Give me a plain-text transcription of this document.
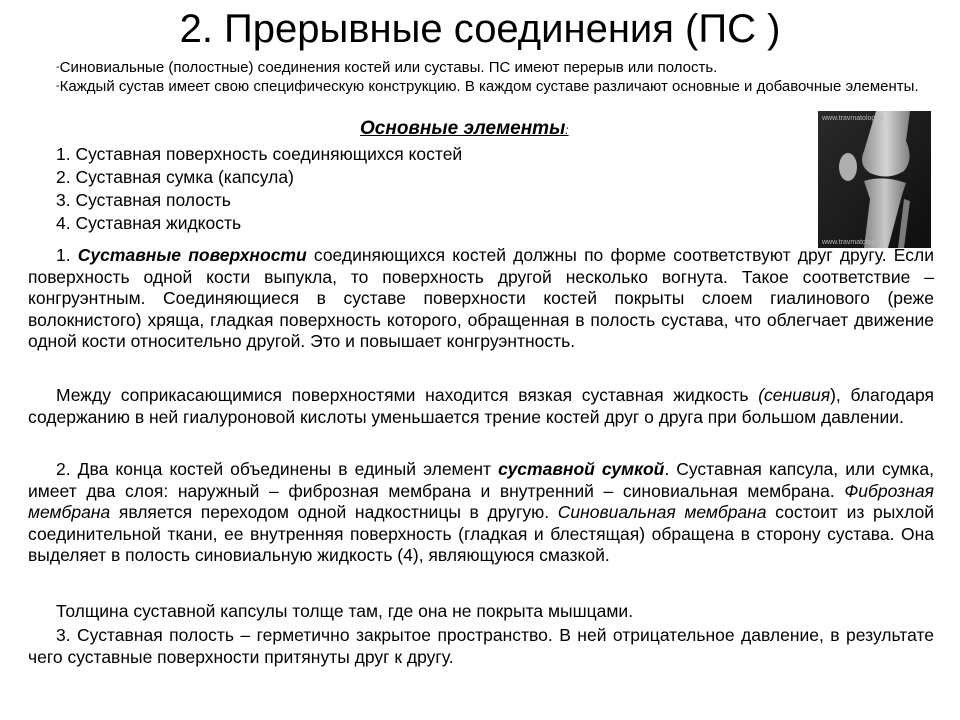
2. Прерывные соединения (ПС )
-Синовиальные (полостные) соединения костей или суставы. ПС имеют перерыв или полость.
-Каждый сустав имеет свою специфическую конструкцию. В каждом суставе различают основные и добавочные элементы.
Основные элементы:
1. Суставная поверхность соединяющихся костей
2. Суставная сумка (капсула)
3. Суставная полость
4. Суставная жидкость
www.travmatolog.ru
www.travmatolog.ru
1. Суставные поверхности соединяющихся костей должны по форме соответствуют друг другу. Если поверхность одной кости выпукла, то поверхность другой несколько вогнута. Такое соответствие – конгруэнтным. Соединяющиеся в суставе поверхности костей покрыты слоем гиалинового (реже волокнистого) хряща, гладкая поверхность которого, обращенная в полость сустава, что облегчает движение одной кости относительно другой. Это и повышает конгруэнтность.
Между соприкасающимися поверхностями находится вязкая суставная жидкость (сенивия), благодаря содержанию в ней гиалуроновой кислоты уменьшается трение костей друг о друга при большом давлении.
2. Два конца костей объединены в единый элемент суставной сумкой. Суставная капсула, или сумка, имеет два слоя: наружный – фиброзная мембрана и внутренний – синовиальная мембрана. Фиброзная мембрана является переходом одной надкостницы в другую. Синовиальная мембрана состоит из рыхлой соединительной ткани, ее внутренняя поверхность (гладкая и блестящая) обращена в сторону сустава. Она выделяет в полость синовиальную жидкость (4), являющуюся смазкой.
Толщина суставной капсулы толще там, где она не покрыта мышцами.
3. Суставная полость – герметично закрытое пространство. В ней отрицательное давление, в результате чего суставные поверхности притянуты друг к другу.
